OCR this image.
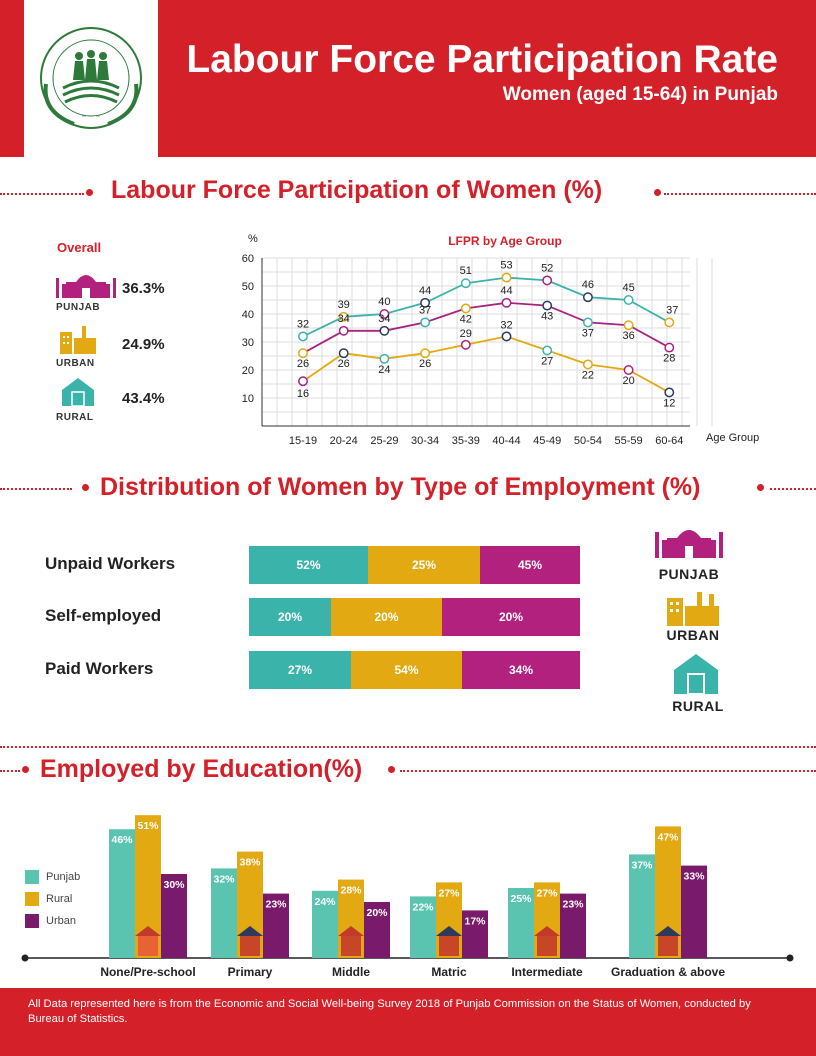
~ ~ ~
Labour Force Participation Rate
Women (aged 15-64) in Punjab
Labour Force Participation of Women (%)
Overall
PUNJAB
36.3%
URBAN
24.9%
RURAL
43.4%
LFPR by Age Group
10
20
30
40
50
60
%
15-19 20-24 25-29 30-34 35-39 40-44 45-49 50-54 55-59 60-64 Age Group
32
39	40
44
51	53	52
46	45
37
26
34	34
37
42
44
43
37	36
28
16
26	24	26
29
32
27
22	20
12
Distribution of Women by Type of Employment (%)
Unpaid Workers	52%	25%	45%
Self-employed	20%	20%	20%
Paid Workers	27%	54%	34%
PUNJAB
URBAN
RURAL
Employed by Education(%)
Punjab
Rural
Urban
46%
51%
30%
None/Pre-school
32%
38%
23%
Primary
24%
28%
20%
Middle
22%
27%
17%
Matric
25% 27%
23%
Intermediate
37%
47%
33%
Graduation & above
All Data represented here is from the Economic and Social Well-being Survey 2018 of Punjab Commission on the Status of Women, conducted by Bureau of Statistics.
